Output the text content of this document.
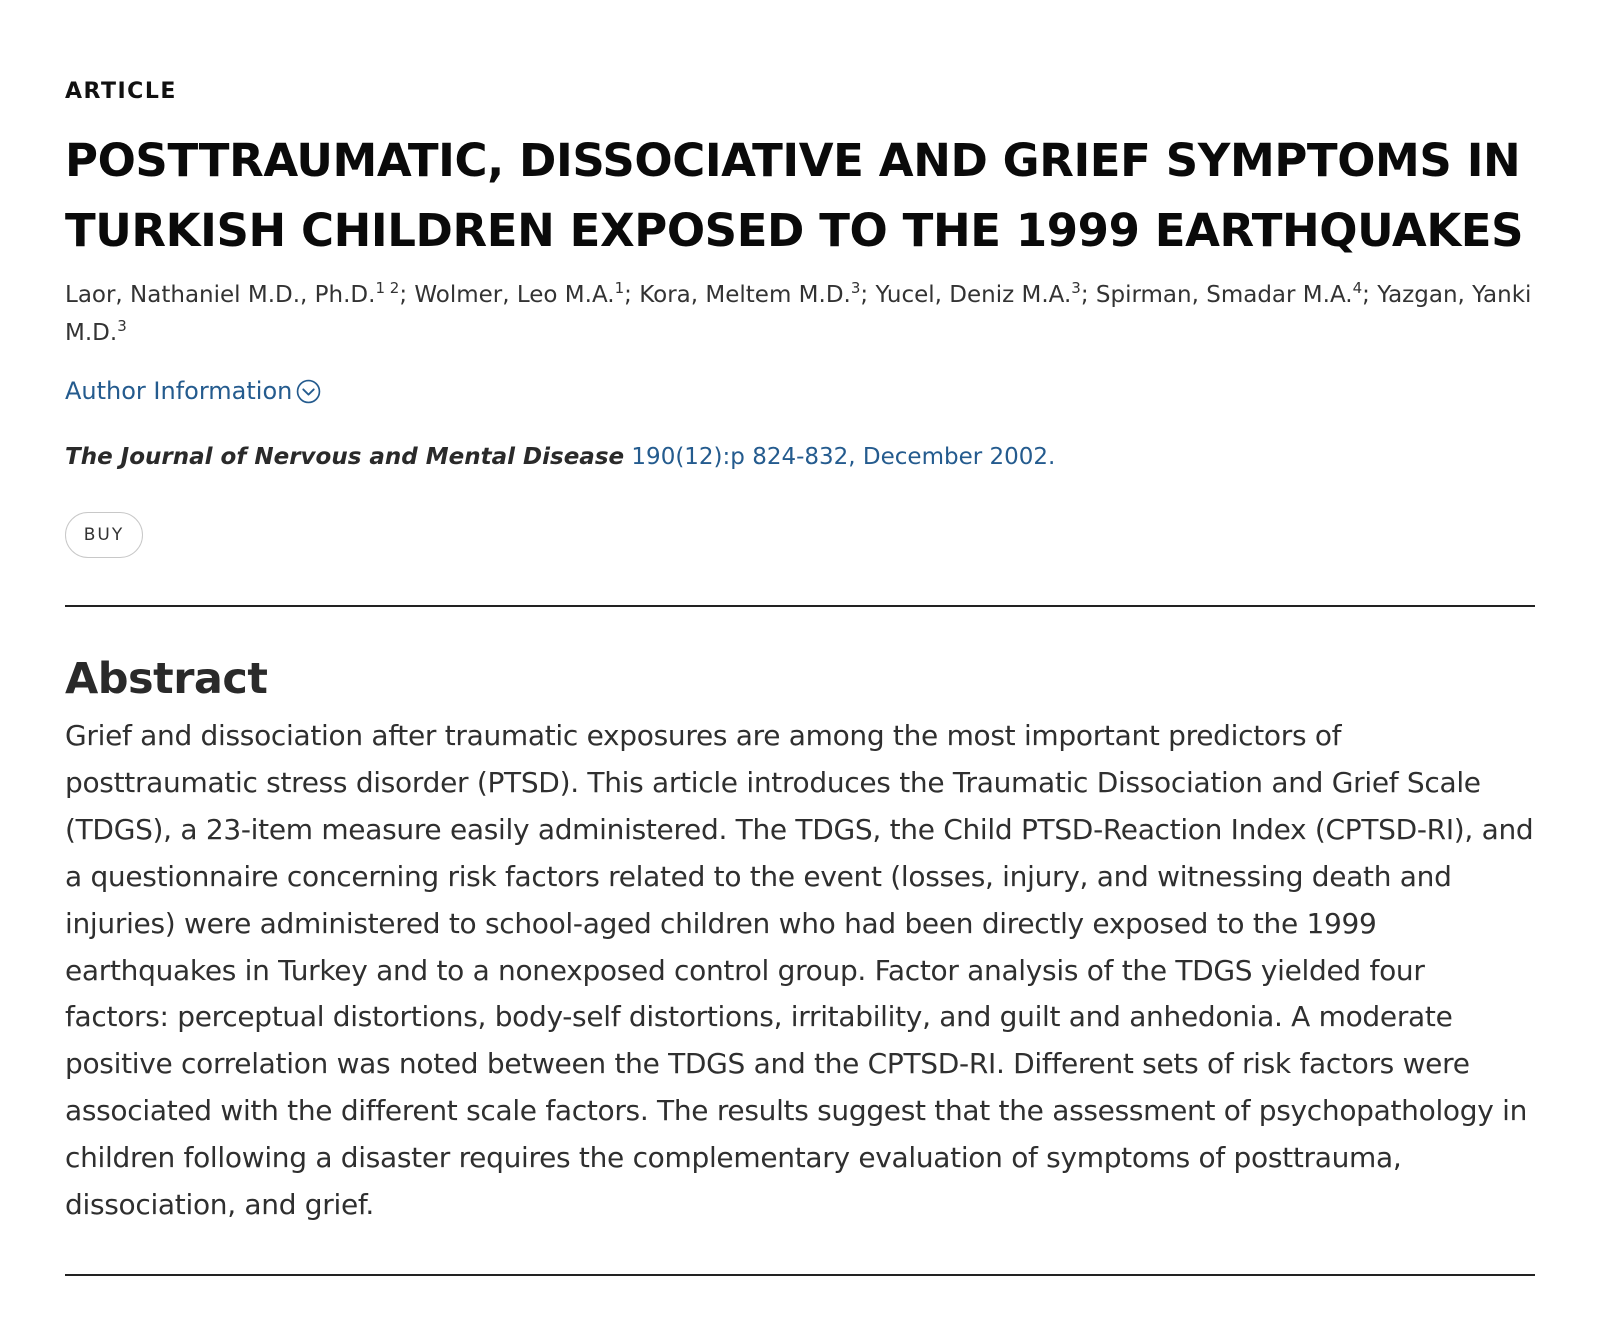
ARTICLE
POSTTRAUMATIC, DISSOCIATIVE AND GRIEF SYMPTOMS IN TURKISH CHILDREN EXPOSED TO THE 1999 EARTHQUAKES
Laor, Nathaniel M.D., Ph.D.$^{1 2}$; Wolmer, Leo M.A.$^1$; Kora, Meltem M.D.$^3$; Yucel, Deniz M.A.$^3$; Spirman, Smadar M.A.$^4$; Yazgan, Yanki M.D.$^3$
Author Information
The Journal of Nervous and Mental Disease 190(12):p 824-832, December 2002.
BUY
Abstract

Grief and dissociation after traumatic exposures are among the most important predictors of posttraumatic stress disorder (PTSD). This article introduces the Traumatic Dissociation and Grief Scale (TDGS), a 23-item measure easily administered. The TDGS, the Child PTSD-Reaction Index (CPTSD-RI), and a questionnaire concerning risk factors related to the event (losses, injury, and witnessing death and injuries) were administered to school-aged children who had been directly exposed to the 1999 earthquakes in Turkey and to a nonexposed control group. Factor analysis of the TDGS yielded four factors: perceptual distortions, body-self distortions, irritability, and guilt and anhedonia. A moderate positive correlation was noted between the TDGS and the CPTSD-RI. Different sets of risk factors were associated with the different scale factors. The results suggest that the assessment of psychopathology in children following a disaster requires the complementary evaluation of symptoms of posttrauma, dissociation, and grief.
